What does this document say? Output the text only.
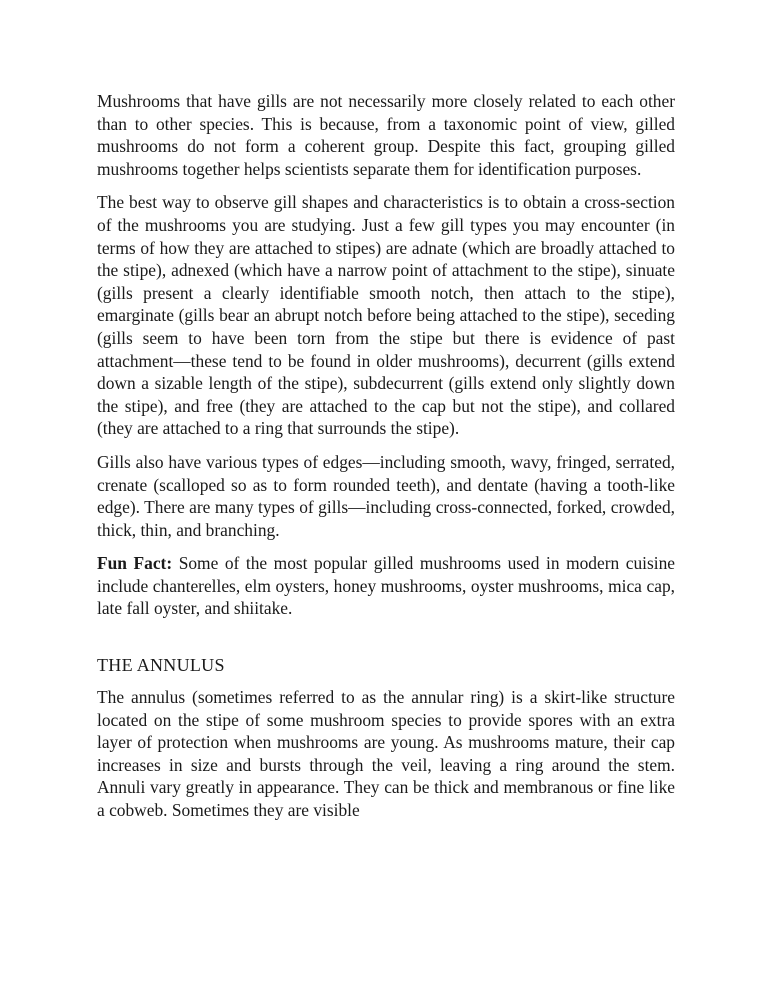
Mushrooms that have gills are not necessarily more closely related to each other than to other species. This is because, from a taxonomic point of view, gilled mushrooms do not form a coherent group. Despite this fact, grouping gilled mushrooms together helps scientists separate them for identification purposes.

The best way to observe gill shapes and characteristics is to obtain a cross-section of the mushrooms you are studying. Just a few gill types you may encounter (in terms of how they are attached to stipes) are adnate (which are broadly attached to the stipe), adnexed (which have a narrow point of attachment to the stipe), sinuate (gills present a clearly identifiable smooth notch, then attach to the stipe), emarginate (gills bear an abrupt notch before being attached to the stipe), seceding (gills seem to have been torn from the stipe but there is evidence of past attachment—these tend to be found in older mushrooms), decurrent (gills extend down a sizable length of the stipe), subdecurrent (gills extend only slightly down the stipe), and free (they are attached to the cap but not the stipe), and collared (they are attached to a ring that surrounds the stipe).

Gills also have various types of edges—including smooth, wavy, fringed, serrated, crenate (scalloped so as to form rounded teeth), and dentate (having a tooth-like edge). There are many types of gills—including cross-connected, forked, crowded, thick, thin, and branching.

Fun Fact: Some of the most popular gilled mushrooms used in modern cuisine include chanterelles, elm oysters, honey mushrooms, oyster mushrooms, mica cap, late fall oyster, and shiitake.

THE ANNULUS

The annulus (sometimes referred to as the annular ring) is a skirt-like structure located on the stipe of some mushroom species to provide spores with an extra layer of protection when mushrooms are young. As mushrooms mature, their cap increases in size and bursts through the veil, leaving a ring around the stem. Annuli vary greatly in appearance. They can be thick and membranous or fine like a cobweb. Sometimes they are visible
